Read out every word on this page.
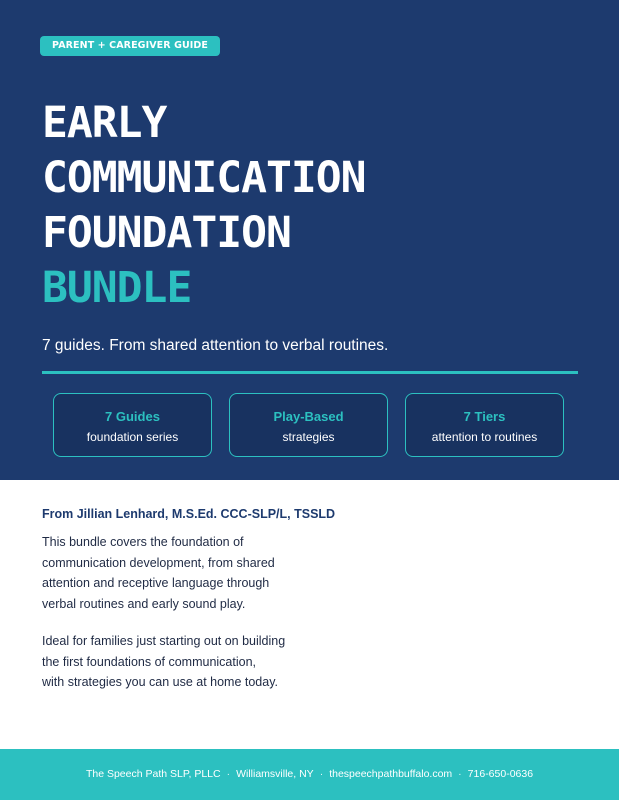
PARENT + CAREGIVER GUIDE
EARLY
COMMUNICATION
FOUNDATION
BUNDLE

7 guides. From shared attention to verbal routines.

7 Guides
foundation series
Play-Based
strategies
7 Tiers
attention to routines
From Jillian Lenhard, M.S.Ed. CCC-SLP/L, TSSLD

This bundle covers the foundation of
communication development, from shared
attention and receptive language through
verbal routines and early sound play.

Ideal for families just starting out on building
the first foundations of communication,
with strategies you can use at home today.

The Speech Path SLP, PLLC · Williamsville, NY · thespeechpathbuffalo.com · 716-650-0636
